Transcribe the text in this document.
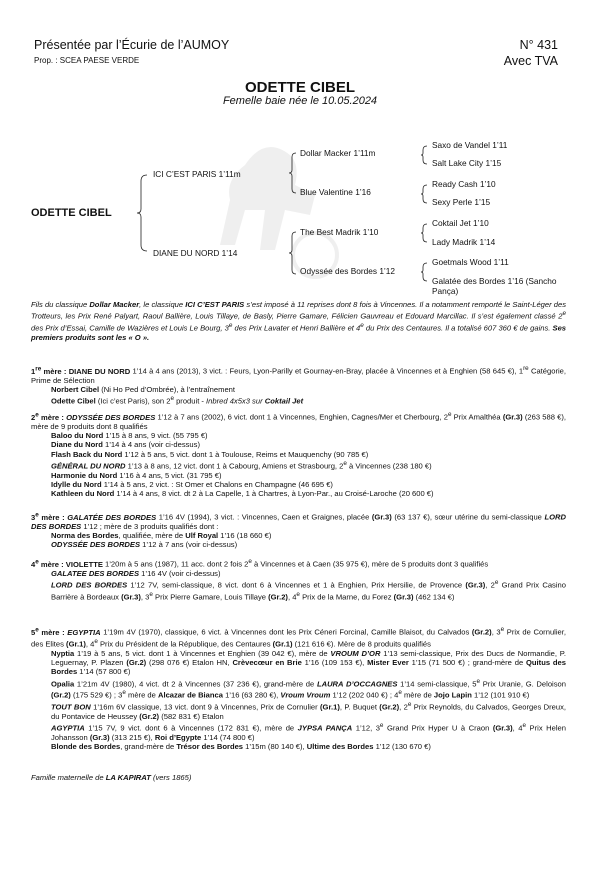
Présentée par l’Écurie de l’AUMOY
Prop. : SCEA PAESE VERDE
N° 431
Avec TVA
ODETTE CIBEL
Femelle baie née le 10.05.2024
ODETTE CIBEL
ICI C’EST PARIS 1’11m
DIANE DU NORD 1’14
Dollar Macker 1’11m
Blue Valentine 1’16
The Best Madrik 1’10
Odyssée des Bordes 1’12
Saxo de Vandel 1’11
Salt Lake City 1’15
Ready Cash 1’10
Sexy Perle 1’15
Coktail Jet 1’10
Lady Madrik 1’14
Goetmals Wood 1’11
Galatée des Bordes 1’16 (Sancho Pança)
Fils du classique Dollar Macker, le classique ICI C’EST PARIS s’est imposé à 11 reprises dont 8 fois à Vincennes. Il a notamment remporté le Saint-Léger des Trotteurs, les Prix René Palyart, Raoul Ballière, Louis Tillaye, de Basly, Pierre Gamare, Félicien Gauvreau et Edouard Marcillac. Il s’est également classé 2e des Prix d’Essai, Camille de Wazières et Louis Le Bourg, 3e des Prix Lavater et Henri Ballière et 4e du Prix des Centaures. Il a totalisé 607 360 € de gains. Ses premiers produits sont les « O ».
1re mère : DIANE DU NORD 1’14 à 4 ans (2013), 3 vict. : Feurs, Lyon-Parilly et Gournay-en-Bray, placée à Vincennes et à Enghien (58 645 €), 1re Catégorie, Prime de Sélection
Norbert Cibel (Ni Ho Ped d’Ombrée), à l’entraînement
Odette Cibel (Ici c’est Paris), son 2e produit - Inbred 4x5x3 sur Coktail Jet
2e mère : ODYSSÉE DES BORDES 1’12 à 7 ans (2002), 6 vict. dont 1 à Vincennes, Enghien, Cagnes/Mer et Cherbourg, 2e Prix Amalthéa (Gr.3) (263 588 €), mère de 9 produits dont 8 qualifiés
Baloo du Nord 1’15 à 8 ans, 9 vict. (55 795 €)
Diane du Nord 1’14 à 4 ans (voir ci-dessus)
Flash Back du Nord 1’12 à 5 ans, 5 vict. dont 1 à Toulouse, Reims et Mauquenchy (90 785 €)
GÉNÉRAL DU NORD 1’13 à 8 ans, 12 vict. dont 1 à Cabourg, Amiens et Strasbourg, 2e à Vincennes (238 180 €)
Harmonie du Nord 1’16 à 4 ans, 5 vict. (31 795 €)
Idylle du Nord 1’14 à 5 ans, 2 vict. : St Omer et Chalons en Champagne (46 695 €)
Kathleen du Nord 1’14 à 4 ans, 8 vict. dt 2 à La Capelle, 1 à Chartres, à Lyon-Par., au Croisé-Laroche (20 600 €)
3e mère : GALATÉE DES BORDES 1’16 4V (1994), 3 vict. : Vincennes, Caen et Graignes, placée (Gr.3) (63 137 €), sœur utérine du semi-classique LORD DES BORDES 1’12 ; mère de 3 produits qualifiés dont :
Norma des Bordes, qualifiée, mère de Ulf Royal 1’16 (18 660 €)
ODYSSÉE DES BORDES 1’12 à 7 ans (voir ci-dessus)
4e mère : VIOLETTE 1’20m à 5 ans (1987), 11 acc. dont 2 fois 2e à Vincennes et à Caen (35 975 €), mère de 5 produits dont 3 qualifiés
GALATEE DES BORDES 1’16 4V (voir ci-dessus)
LORD DES BORDES 1’12 7V, semi-classique, 8 vict. dont 6 à Vincennes et 1 à Enghien, Prix Hersilie, de Provence (Gr.3), 2e Grand Prix Casino Barrière à Bordeaux (Gr.3), 3e Prix Pierre Gamare, Louis Tillaye (Gr.2), 4e Prix de la Marne, du Forez (Gr.3) (462 134 €)
5e mère : EGYPTIA 1’19m 4V (1970), classique, 6 vict. à Vincennes dont les Prix Céneri Forcinal, Camille Blaisot, du Calvados (Gr.2), 3e Prix de Cornulier, des Elites (Gr.1), 4e Prix du Président de la République, des Centaures (Gr.1) (121 616 €). Mère de 8 produits qualifiés
Nyptia 1’19 à 5 ans, 5 vict. dont 1 à Vincennes et Enghien (39 042 €), mère de VROUM D’OR 1’13 semi-classique, Prix des Ducs de Normandie, P. Leguernay, P. Plazen (Gr.2) (298 076 €) Etalon HN, Crèvecœur en Brie 1’16 (109 153 €), Mister Ever 1’15 (71 500 €) ; grand-mère de Quitus des Bordes 1’14 (57 800 €)
Opalia 1’21m 4V (1980), 4 vict. dt 2 à Vincennes (37 236 €), grand-mère de LAURA D’OCCAGNES 1’14 semi-classique, 5e Prix Uranie, G. Deloison (Gr.2) (175 529 €) ; 3e mère de Alcazar de Bianca 1’16 (63 280 €), Vroum Vroum 1’12 (202 040 €) ; 4e mère de Jojo Lapin 1’12 (101 910 €)
TOUT BON 1’16m 6V classique, 13 vict. dont 9 à Vincennes, Prix de Cornulier (Gr.1), P. Buquet (Gr.2), 2e Prix Reynolds, du Calvados, Georges Dreux, du Pontavice de Heussey (Gr.2) (582 831 €) Etalon
AGYPTIA 1’15 7V, 9 vict. dont 6 à Vincennes (172 831 €), mère de JYPSA PANÇA 1’12, 3e Grand Prix Hyper U à Craon (Gr.3), 4e Prix Helen Johansson (Gr.3) (313 215 €), Roi d’Egypte 1’14 (74 800 €)
Blonde des Bordes, grand-mère de Trésor des Bordes 1’15m (80 140 €), Ultime des Bordes 1’12 (130 670 €)
Famille maternelle de LA KAPIRAT (vers 1865)
